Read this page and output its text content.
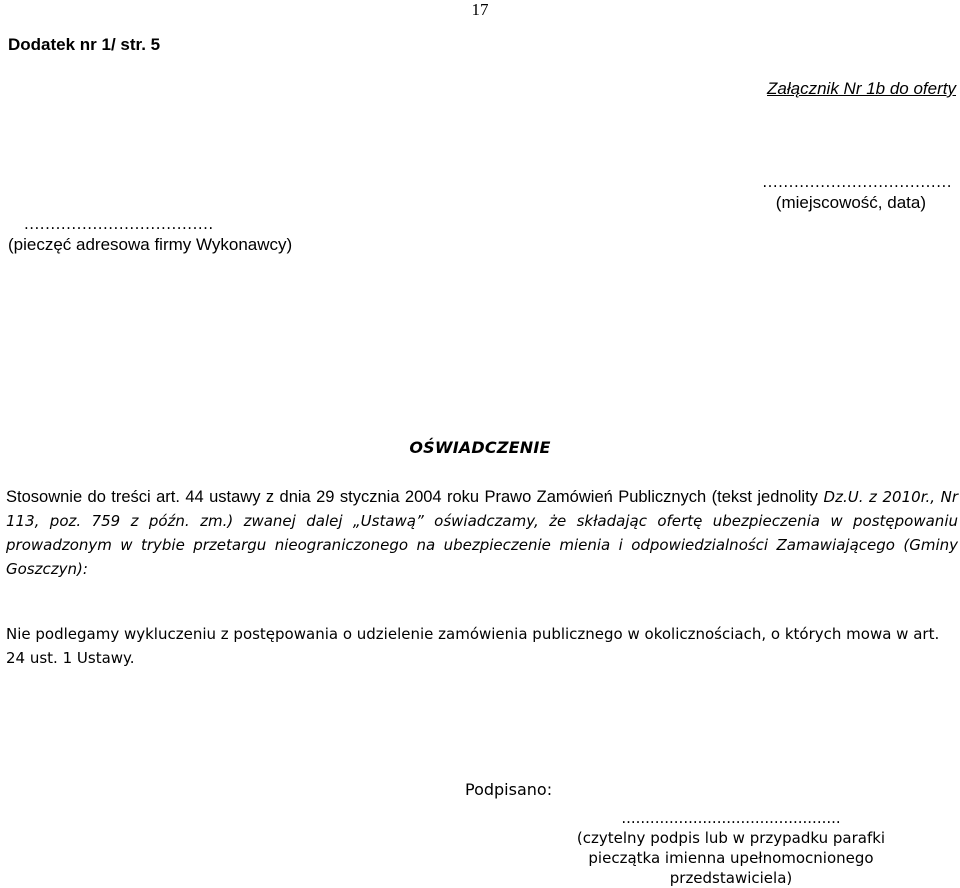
17
Dodatek nr 1/ str. 5
Załącznik Nr 1b do oferty
....................................
(miejscowość, data)
....................................
(pieczęć adresowa firmy Wykonawcy)
OŚWIADCZENIE
Stosownie do treści art. 44 ustawy z dnia 29 stycznia 2004 roku Prawo Zamówień Publicznych (tekst jednolity Dz.U. z 2010r., Nr 113, poz. 759 z późn. zm.) zwanej dalej „Ustawą” oświadczamy, że składając ofertę ubezpieczenia w postępowaniu prowadzonym w trybie przetargu nieograniczonego na ubezpieczenie mienia i odpowiedzialności Zamawiającego (Gminy Goszczyn):
Nie podlegamy wykluczeniu z postępowania o udzielenie zamówienia publicznego w okolicznościach, o których mowa w art. 24 ust. 1 Ustawy.
Podpisano:
..............................................
(czytelny podpis lub w przypadku parafki pieczątka imienna upełnomocnionego przedstawiciela)
